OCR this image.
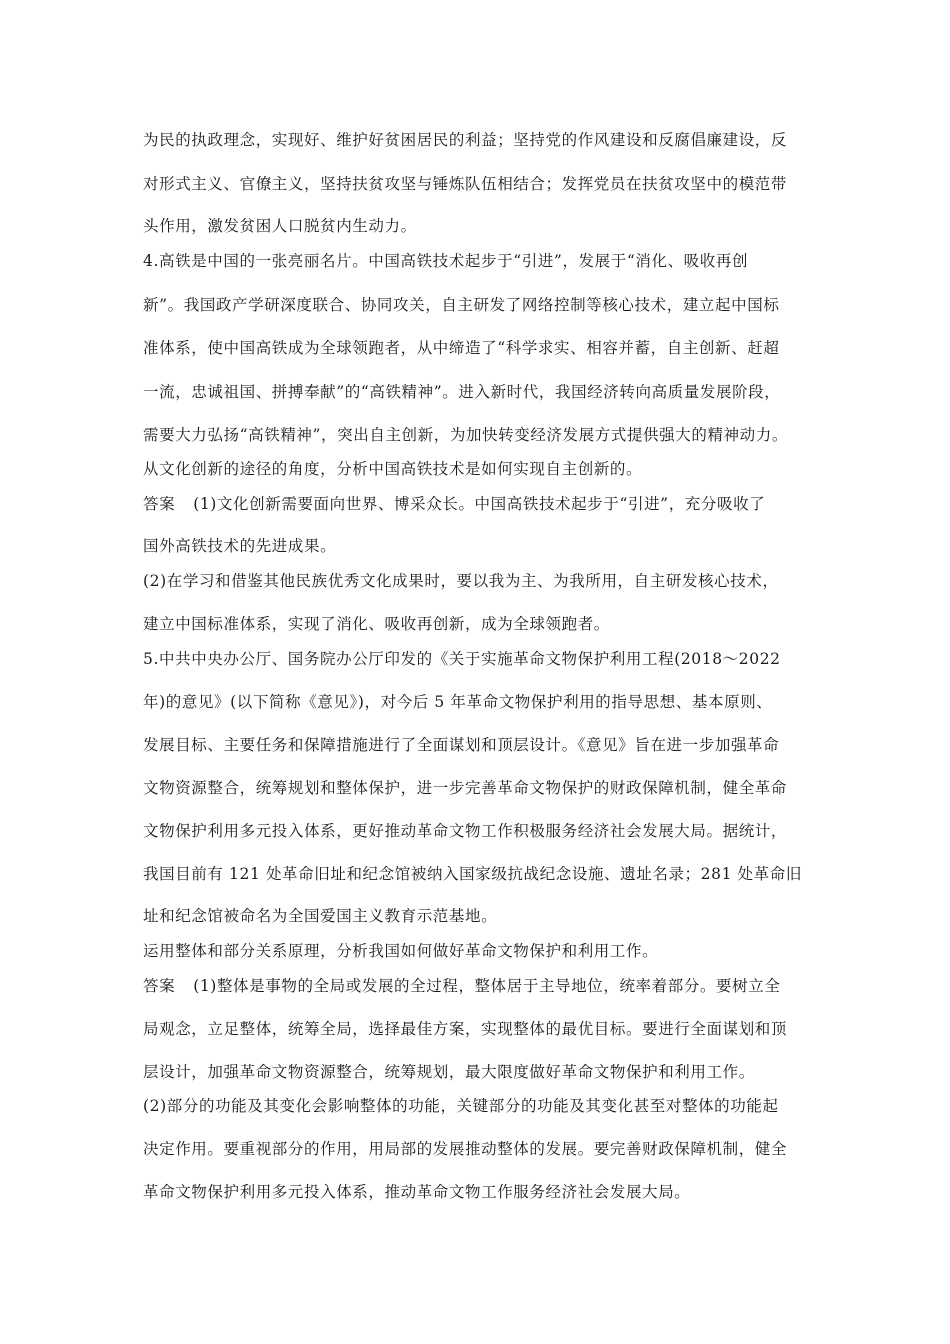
为民的执政理念，实现好、维护好贫困居民的利益；坚持党的作风建设和反腐倡廉建设，反
对形式主义、官僚主义，坚持扶贫攻坚与锤炼队伍相结合；发挥党员在扶贫攻坚中的模范带
头作用，激发贫困人口脱贫内生动力。
4.高铁是中国的一张亮丽名片。中国高铁技术起步于“引进”，发展于“消化、吸收再创
新”。我国政产学研深度联合、协同攻关，自主研发了网络控制等核心技术，建立起中国标
准体系，使中国高铁成为全球领跑者，从中缔造了“科学求实、相容并蓄，自主创新、赶超
一流，忠诚祖国、拼搏奉献”的“高铁精神”。进入新时代，我国经济转向高质量发展阶段，
需要大力弘扬“高铁精神”，突出自主创新，为加快转变经济发展方式提供强大的精神动力。
从文化创新的途径的角度，分析中国高铁技术是如何实现自主创新的。
答案 (1)文化创新需要面向世界、博采众长。中国高铁技术起步于“引进”，充分吸收了
国外高铁技术的先进成果。
(2)在学习和借鉴其他民族优秀文化成果时，要以我为主、为我所用，自主研发核心技术，
建立中国标准体系，实现了消化、吸收再创新，成为全球领跑者。
5.中共中央办公厅、国务院办公厅印发的《关于实施革命文物保护利用工程(2018～2022
年)的意见》(以下简称《意见》)，对今后 5 年革命文物保护利用的指导思想、基本原则、
发展目标、主要任务和保障措施进行了全面谋划和顶层设计。《意见》旨在进一步加强革命
文物资源整合，统筹规划和整体保护，进一步完善革命文物保护的财政保障机制，健全革命
文物保护利用多元投入体系，更好推动革命文物工作积极服务经济社会发展大局。据统计，
我国目前有 121 处革命旧址和纪念馆被纳入国家级抗战纪念设施、遗址名录；281 处革命旧
址和纪念馆被命名为全国爱国主义教育示范基地。
运用整体和部分关系原理，分析我国如何做好革命文物保护和利用工作。
答案 (1)整体是事物的全局或发展的全过程，整体居于主导地位，统率着部分。要树立全
局观念，立足整体，统筹全局，选择最佳方案，实现整体的最优目标。要进行全面谋划和顶
层设计，加强革命文物资源整合，统筹规划，最大限度做好革命文物保护和利用工作。
(2)部分的功能及其变化会影响整体的功能，关键部分的功能及其变化甚至对整体的功能起
决定作用。要重视部分的作用，用局部的发展推动整体的发展。要完善财政保障机制，健全
革命文物保护利用多元投入体系，推动革命文物工作服务经济社会发展大局。
